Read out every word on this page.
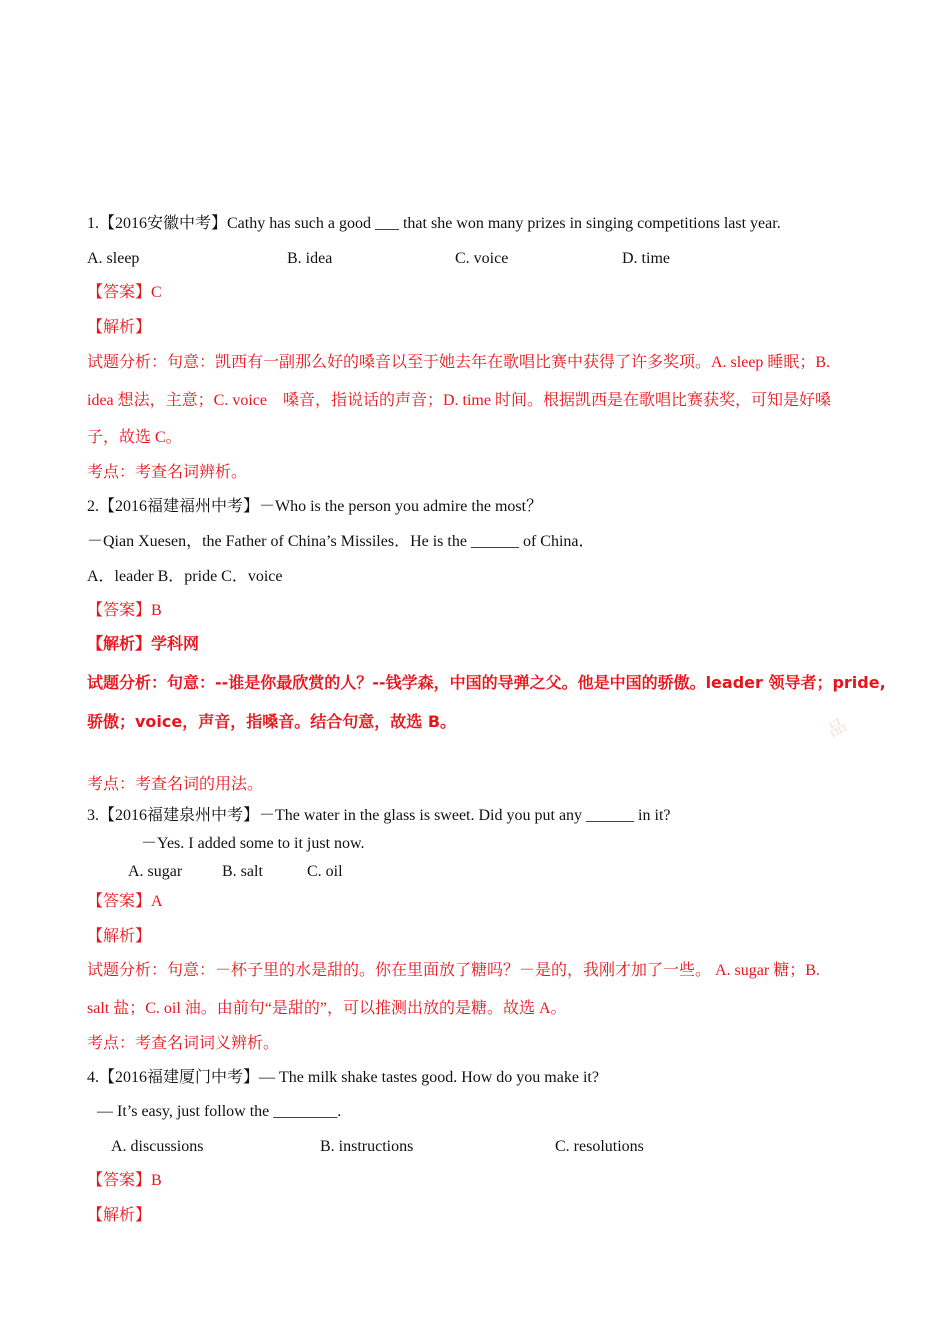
1.【2016安徽中考】Cathy has such a good ___ that she won many prizes in singing competitions last year.
A. sleep	B. idea	C. voice	D. time
【答案】C
【解析】
试题分析：句意：凯西有一副那么好的嗓音以至于她去年在歌唱比赛中获得了许多奖项。A. sleep 睡眠；B.
idea 想法，主意；C. voice　嗓音，指说话的声音；D. time 时间。根据凯西是在歌唱比赛获奖，可知是好嗓
子，故选 C。
考点：考查名词辨析。
2.【2016福建福州中考】－Who is the person you admire the most？
－Qian Xuesen，the Father of China’s Missiles．He is the ______ of China．
A．leader B．pride C．voice
【答案】B
【解析】学科网
试题分析：句意：--谁是你最欣赏的人？--钱学森，中国的导弹之父。他是中国的骄傲。leader 领导者；pride,
骄傲；voice，声音，指嗓音。结合句意，故选 B。	品
考点：考查名词的用法。
3.【2016福建泉州中考】－The water in the glass is sweet. Did you put any ______ in it?
－Yes. I added some to it just now.
A. sugar B. salt	C. oil
【答案】A
【解析】
试题分析：句意：－杯子里的水是甜的。你在里面放了糖吗？－是的，我刚才加了一些。 A. sugar 糖；B.
salt 盐；C. oil 油。由前句“是甜的”，可以推测出放的是糖。故选 A。
考点：考查名词词义辨析。
4.【2016福建厦门中考】— The milk shake tastes good. How do you make it?
— It’s easy, just follow the ________.
A. discussions	B. instructions	C. resolutions
【答案】B
【解析】
